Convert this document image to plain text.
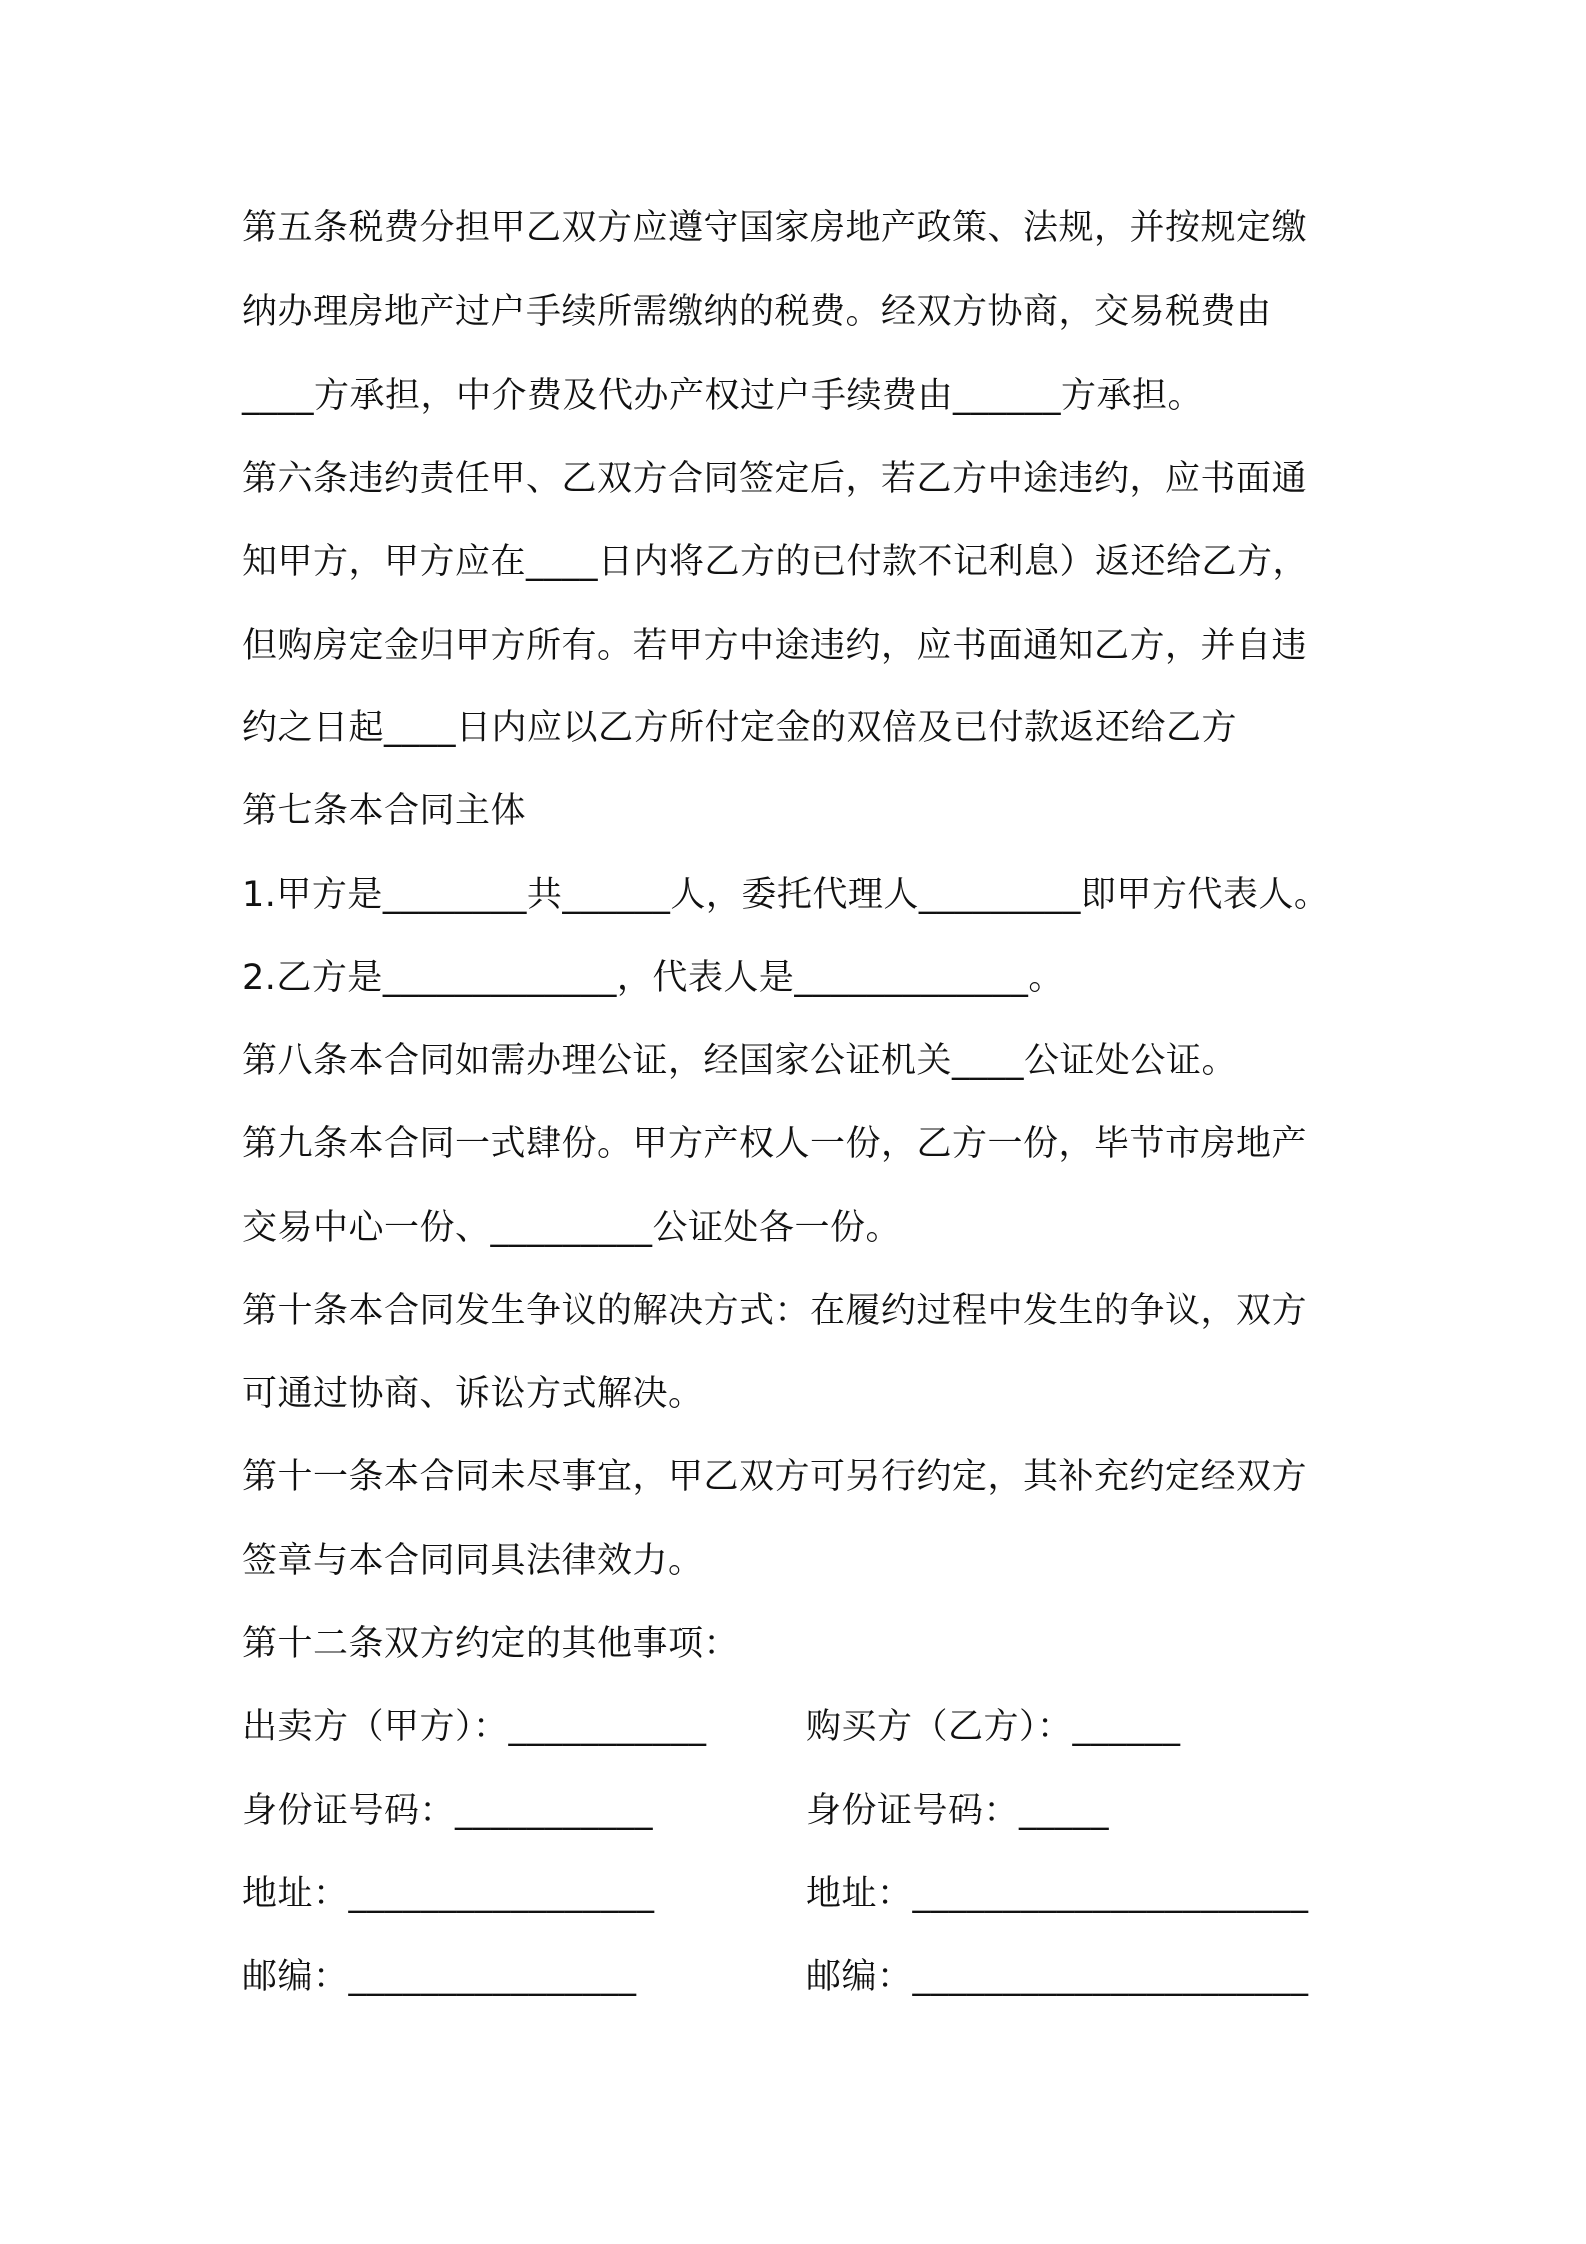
第五条税费分担甲乙双方应遵守国家房地产政策、法规，并按规定缴
纳办理房地产过户手续所需缴纳的税费。经双方协商，交易税费由
____方承担，中介费及代办产权过户手续费由______方承担。
第六条违约责任甲、乙双方合同签定后，若乙方中途违约，应书面通
知甲方，甲方应在____日内将乙方的已付款不记利息）返还给乙方，
但购房定金归甲方所有。若甲方中途违约，应书面通知乙方，并自违
约之日起____日内应以乙方所付定金的双倍及已付款返还给乙方
第七条本合同主体
1.甲方是________共______人，委托代理人_________即甲方代表人。
2.乙方是_____________，代表人是_____________。
第八条本合同如需办理公证，经国家公证机关____公证处公证。
第九条本合同一式肆份。甲方产权人一份，乙方一份，毕节市房地产
交易中心一份、_________公证处各一份。
第十条本合同发生争议的解决方式：在履约过程中发生的争议，双方
可通过协商、诉讼方式解决。
第十一条本合同未尽事宜，甲乙双方可另行约定，其补充约定经双方
签章与本合同同具法律效力。
第十二条双方约定的其他事项：
出卖方（甲方）：___________	购买方（乙方）：______
身份证号码：___________	身份证号码：_____
地址：_________________	地址：______________________
邮编：________________	邮编：______________________
